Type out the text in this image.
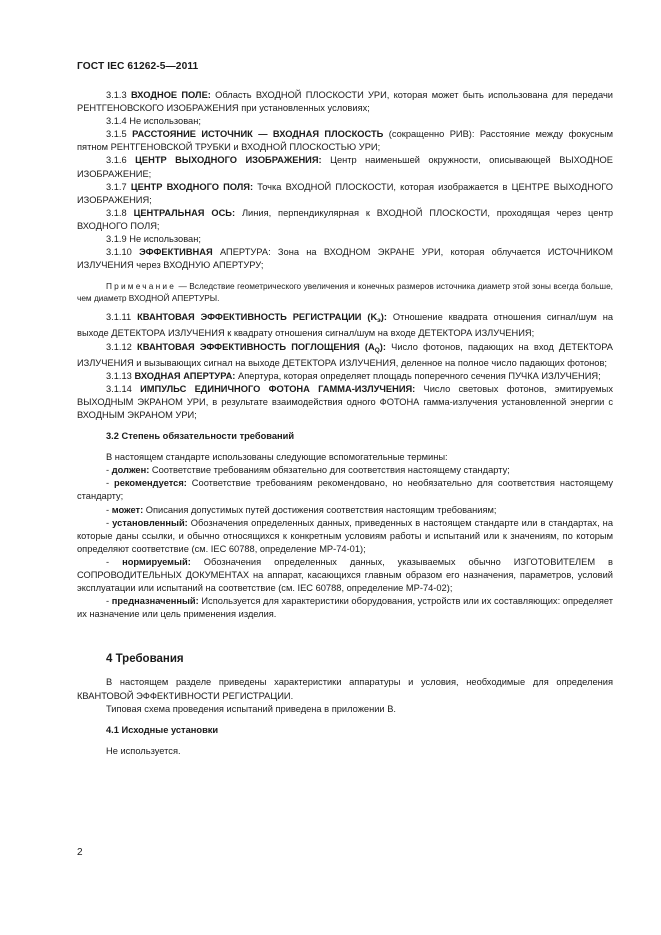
ГОСТ IEC 61262-5—2011

3.1.3 ВХОДНОЕ ПОЛЕ: Область ВХОДНОЙ ПЛОСКОСТИ УРИ, которая может быть использована для передачи РЕНТГЕНОВСКОГО ИЗОБРАЖЕНИЯ при установленных условиях;

3.1.4 Не использован;

3.1.5 РАССТОЯНИЕ ИСТОЧНИК — ВХОДНАЯ ПЛОСКОСТЬ (сокращенно РИВ): Расстояние между фокусным пятном РЕНТГЕНОВСКОЙ ТРУБКИ и ВХОДНОЙ ПЛОСКОСТЬЮ УРИ;

3.1.6 ЦЕНТР ВЫХОДНОГО ИЗОБРАЖЕНИЯ: Центр наименьшей окружности, описывающей ВЫХОДНОЕ ИЗОБРАЖЕНИЕ;

3.1.7 ЦЕНТР ВХОДНОГО ПОЛЯ: Точка ВХОДНОЙ ПЛОСКОСТИ, которая изображается в ЦЕНТРЕ ВЫХОДНОГО ИЗОБРАЖЕНИЯ;

3.1.8 ЦЕНТРАЛЬНАЯ ОСЬ: Линия, перпендикулярная к ВХОДНОЙ ПЛОСКОСТИ, проходящая через центр ВХОДНОГО ПОЛЯ;

3.1.9 Не использован;

3.1.10 ЭФФЕКТИВНАЯ АПЕРТУРА: Зона на ВХОДНОМ ЭКРАНЕ УРИ, которая облучается ИСТОЧНИКОМ ИЗЛУЧЕНИЯ через ВХОДНУЮ АПЕРТУРУ;

Примечание — Вследствие геометрического увеличения и конечных размеров источника диаметр этой зоны всегда больше, чем диаметр ВХОДНОЙ АПЕРТУРЫ.

3.1.11 КВАНТОВАЯ ЭФФЕКТИВНОСТЬ РЕГИСТРАЦИИ $(K_э)$: Отношение квадрата отношения сигнал/шум на выходе ДЕТЕКТОРА ИЗЛУЧЕНИЯ к квадрату отношения сигнал/шум на входе ДЕТЕКТОРА ИЗЛУЧЕНИЯ;

3.1.12 КВАНТОВАЯ ЭФФЕКТИВНОСТЬ ПОГЛОЩЕНИЯ $(A_Q)$: Число фотонов, падающих на вход ДЕТЕКТОРА ИЗЛУЧЕНИЯ и вызывающих сигнал на выходе ДЕТЕКТОРА ИЗЛУЧЕНИЯ, деленное на полное число падающих фотонов;

3.1.13 ВХОДНАЯ АПЕРТУРА: Апертура, которая определяет площадь поперечного сечения ПУЧКА ИЗЛУЧЕНИЯ;

3.1.14 ИМПУЛЬС ЕДИНИЧНОГО ФОТОНА ГАММА-ИЗЛУЧЕНИЯ: Число световых фотонов, эмитируемых ВЫХОДНЫМ ЭКРАНОМ УРИ, в результате взаимодействия одного ФОТОНА гамма-излучения установленной энергии с ВХОДНЫМ ЭКРАНОМ УРИ;

3.2 Степень обязательности требований

В настоящем стандарте использованы следующие вспомогательные термины:

- должен: Соответствие требованиям обязательно для соответствия настоящему стандарту;

- рекомендуется: Соответствие требованиям рекомендовано, но необязательно для соответствия настоящему стандарту;

- может: Описания допустимых путей достижения соответствия настоящим требованиям;

- установленный: Обозначения определенных данных, приведенных в настоящем стандарте или в стандартах, на которые даны ссылки, и обычно относящихся к конкретным условиям работы и испытаний или к значениям, по которым определяют соответствие (см. IEC 60788, определение МР-74-01);

- нормируемый: Обозначения определенных данных, указываемых обычно ИЗГОТОВИТЕЛЕМ в СОПРОВОДИТЕЛЬНЫХ ДОКУМЕНТАХ на аппарат, касающихся главным образом его назначения, параметров, условий эксплуатации или испытаний на соответствие (см. IEC 60788, определение МР-74-02);

- предназначенный: Используется для характеристики оборудования, устройств или их составляющих: определяет их назначение или цель применения изделия.

4 Требования

В настоящем разделе приведены характеристики аппаратуры и условия, необходимые для определения КВАНТОВОЙ ЭФФЕКТИВНОСТИ РЕГИСТРАЦИИ.

Типовая схема проведения испытаний приведена в приложении В.

4.1 Исходные установки

Не используется.

2
